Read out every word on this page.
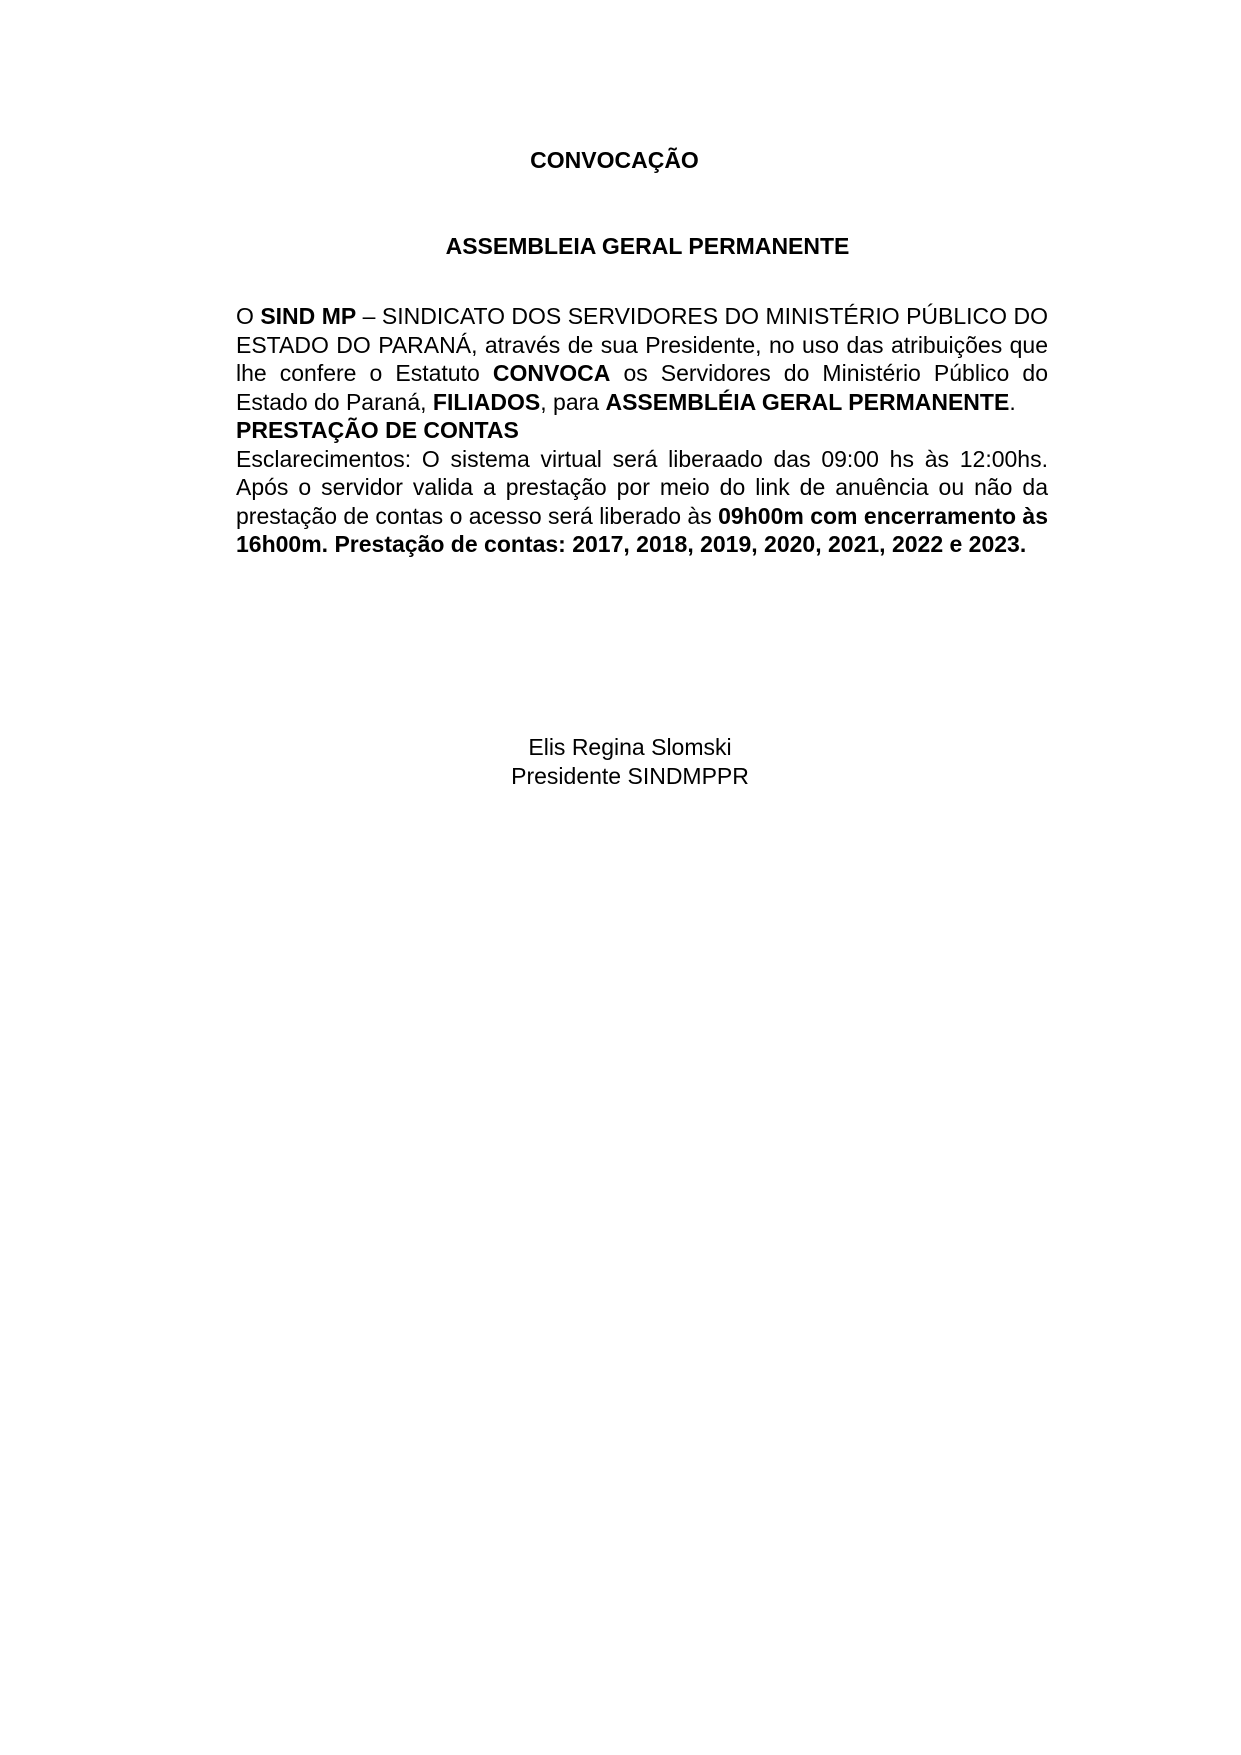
CONVOCAÇÃO
ASSEMBLEIA GERAL PERMANENTE

O SIND MP – SINDICATO DOS SERVIDORES DO MINISTÉRIO PÚBLICO DO ESTADO DO PARANÁ, através de sua Presidente, no uso das atribuições que lhe confere o Estatuto CONVOCA os Servidores do Ministério Público do Estado do Paraná, FILIADOS, para ASSEMBLÉIA GERAL PERMANENTE.

PRESTAÇÃO DE CONTAS

Esclarecimentos: O sistema virtual será liberaado das 09:00 hs às 12:00hs. Após o servidor valida a prestação por meio do link de anuência ou não da prestação de contas o acesso será liberado às 09h00m com encerramento às 16h00m. Prestação de contas: 2017, 2018, 2019, 2020, 2021, 2022 e 2023.

Elis Regina Slomski
Presidente SINDMPPR
